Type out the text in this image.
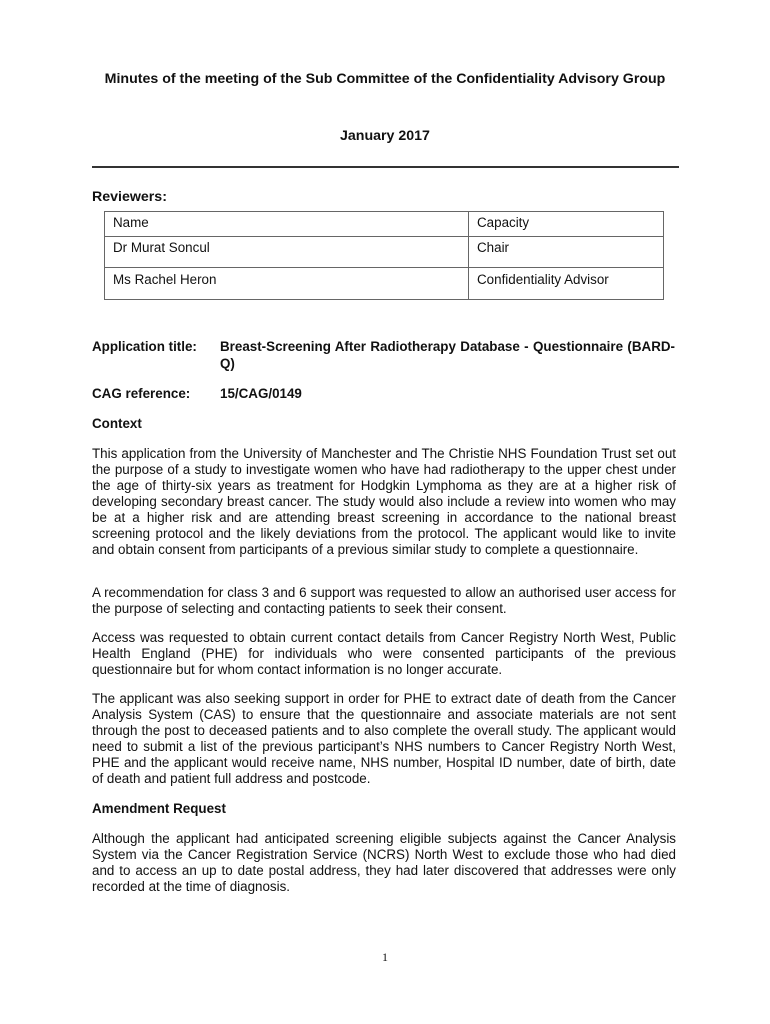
Minutes of the meeting of the Sub Committee of the Confidentiality Advisory Group
January 2017
Reviewers:
Name	Capacity
Dr Murat Soncul	Chair
Ms Rachel Heron	Confidentiality Advisor
Application title: Breast-Screening After Radiotherapy Database - Questionnaire (BARD-Q)
CAG reference: 15/CAG/0149
Context
This application from the University of Manchester and The Christie NHS Foundation Trust set out the purpose of a study to investigate women who have had radiotherapy to the upper chest under the age of thirty-six years as treatment for Hodgkin Lymphoma as they are at a higher risk of developing secondary breast cancer. The study would also include a review into women who may be at a higher risk and are attending breast screening in accordance to the national breast screening protocol and the likely deviations from the protocol. The applicant would like to invite and obtain consent from participants of a previous similar study to complete a questionnaire.
A recommendation for class 3 and 6 support was requested to allow an authorised user access for the purpose of selecting and contacting patients to seek their consent.
Access was requested to obtain current contact details from Cancer Registry North West, Public Health England (PHE) for individuals who were consented participants of the previous questionnaire but for whom contact information is no longer accurate.
The applicant was also seeking support in order for PHE to extract date of death from the Cancer Analysis System (CAS) to ensure that the questionnaire and associate materials are not sent through the post to deceased patients and to also complete the overall study. The applicant would need to submit a list of the previous participant’s NHS numbers to Cancer Registry North West, PHE and the applicant would receive name, NHS number, Hospital ID number, date of birth, date of death and patient full address and postcode.
Amendment Request
Although the applicant had anticipated screening eligible subjects against the Cancer Analysis System via the Cancer Registration Service (NCRS) North West to exclude those who had died and to access an up to date postal address, they had later discovered that addresses were only recorded at the time of diagnosis.
1
